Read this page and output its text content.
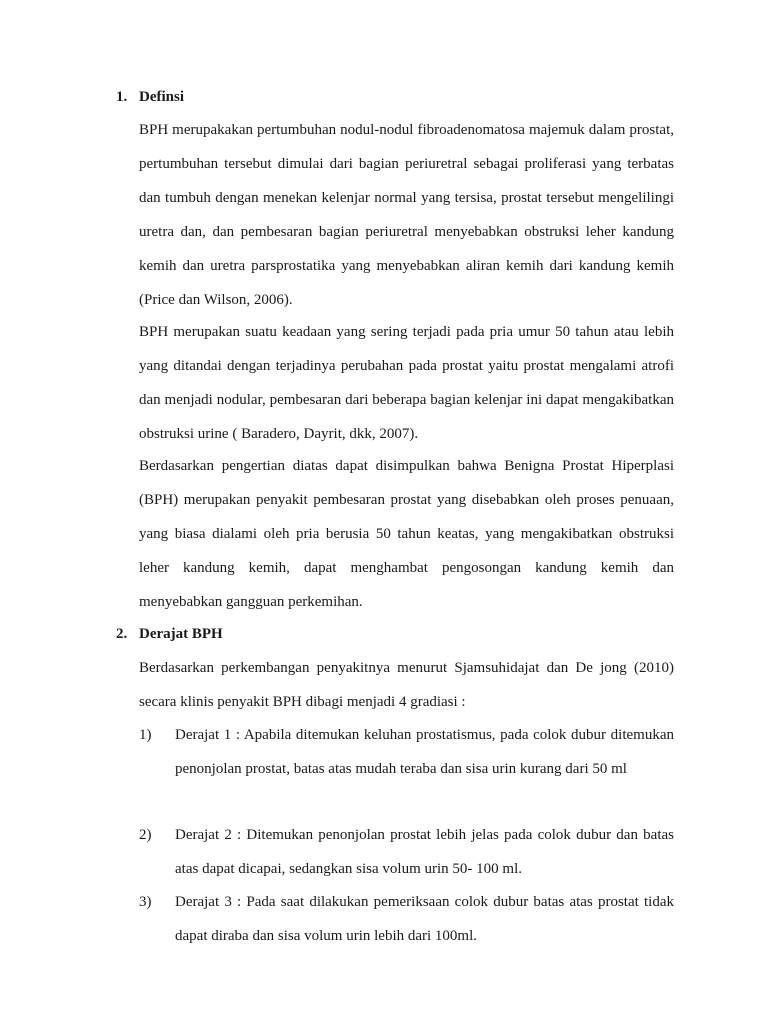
1. Definsi

BPH merupakakan pertumbuhan nodul-nodul fibroadenomatosa majemuk dalam prostat, pertumbuhan tersebut dimulai dari bagian periuretral sebagai proliferasi yang terbatas dan tumbuh dengan menekan kelenjar normal yang tersisa, prostat tersebut mengelilingi uretra dan, dan pembesaran bagian periuretral menyebabkan obstruksi leher kandung kemih dan uretra parsprostatika yang menyebabkan aliran kemih dari kandung kemih (Price dan Wilson, 2006).

BPH merupakan suatu keadaan yang sering terjadi pada pria umur 50 tahun atau lebih yang ditandai dengan terjadinya perubahan pada prostat yaitu prostat mengalami atrofi dan menjadi nodular, pembesaran dari beberapa bagian kelenjar ini dapat mengakibatkan obstruksi urine ( Baradero, Dayrit, dkk, 2007).

Berdasarkan pengertian diatas dapat disimpulkan bahwa Benigna Prostat Hiperplasi (BPH) merupakan penyakit pembesaran prostat yang disebabkan oleh proses penuaan, yang biasa dialami oleh pria berusia 50 tahun keatas, yang mengakibatkan obstruksi leher kandung kemih, dapat menghambat pengosongan kandung kemih dan menyebabkan gangguan perkemihan.

2. Derajat BPH

Berdasarkan perkembangan penyakitnya menurut Sjamsuhidajat dan De jong (2010) secara klinis penyakit BPH dibagi menjadi 4 gradiasi :

1) Derajat 1 : Apabila ditemukan keluhan prostatismus, pada colok dubur ditemukan penonjolan prostat, batas atas mudah teraba dan sisa urin kurang dari 50 ml
2) Derajat 2 : Ditemukan penonjolan prostat lebih jelas pada colok dubur dan batas atas dapat dicapai, sedangkan sisa volum urin 50- 100 ml.
3) Derajat 3 : Pada saat dilakukan pemeriksaan colok dubur batas atas prostat tidak dapat diraba dan sisa volum urin lebih dari 100ml.
